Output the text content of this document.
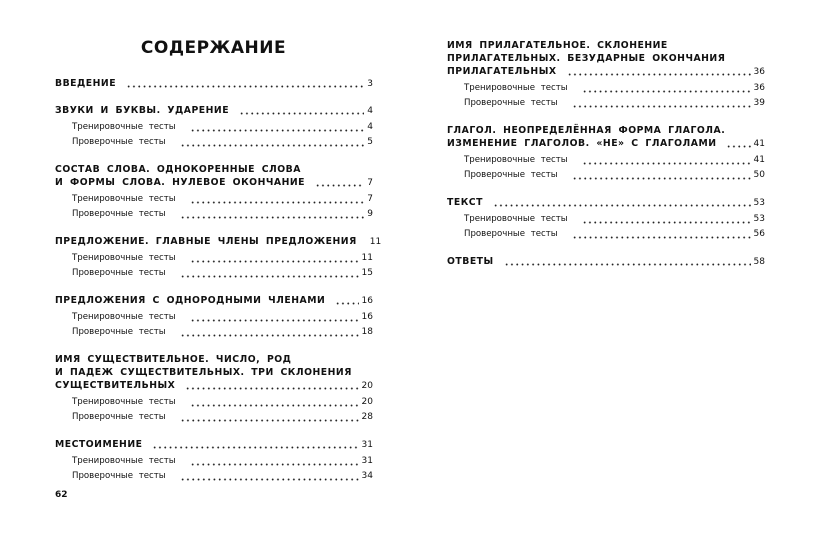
СОДЕРЖАНИЕ
ВВЕДЕНИЕ	3
ЗВУКИ И БУКВЫ. УДАРЕНИЕ	4
Тренировочные тесты	4
Проверочные тесты	5
СОСТАВ СЛОВА. ОДНОКОРЕННЫЕ СЛОВА
И ФОРМЫ СЛОВА. НУЛЕВОЕ ОКОНЧАНИЕ	7
Тренировочные тесты	7
Проверочные тесты	9
ПРЕДЛОЖЕНИЕ. ГЛАВНЫЕ ЧЛЕНЫ ПРЕДЛОЖЕНИЯ 11
Тренировочные тесты	11
Проверочные тесты	15
ПРЕДЛОЖЕНИЯ С ОДНОРОДНЫМИ ЧЛЕНАМИ	16
Тренировочные тесты	16
Проверочные тесты	18
ИМЯ СУЩЕСТВИТЕЛЬНОЕ. ЧИСЛО, РОД
И ПАДЕЖ СУЩЕСТВИТЕЛЬНЫХ. ТРИ СКЛОНЕНИЯ
СУЩЕСТВИТЕЛЬНЫХ	20
Тренировочные тесты	20
Проверочные тесты	28
МЕСТОИМЕНИЕ	31
Тренировочные тесты	31
Проверочные тесты	34
ИМЯ ПРИЛАГАТЕЛЬНОЕ. СКЛОНЕНИЕ
ПРИЛАГАТЕЛЬНЫХ. БЕЗУДАРНЫЕ ОКОНЧАНИЯ
ПРИЛАГАТЕЛЬНЫХ	36
Тренировочные тесты	36
Проверочные тесты	39
ГЛАГОЛ. НЕОПРЕДЕЛЁННАЯ ФОРМА ГЛАГОЛА.
ИЗМЕНЕНИЕ ГЛАГОЛОВ. «НЕ» С ГЛАГОЛАМИ	41
Тренировочные тесты	41
Проверочные тесты	50
ТЕКСТ	53
Тренировочные тесты	53
Проверочные тесты	56
ОТВЕТЫ	58
62
